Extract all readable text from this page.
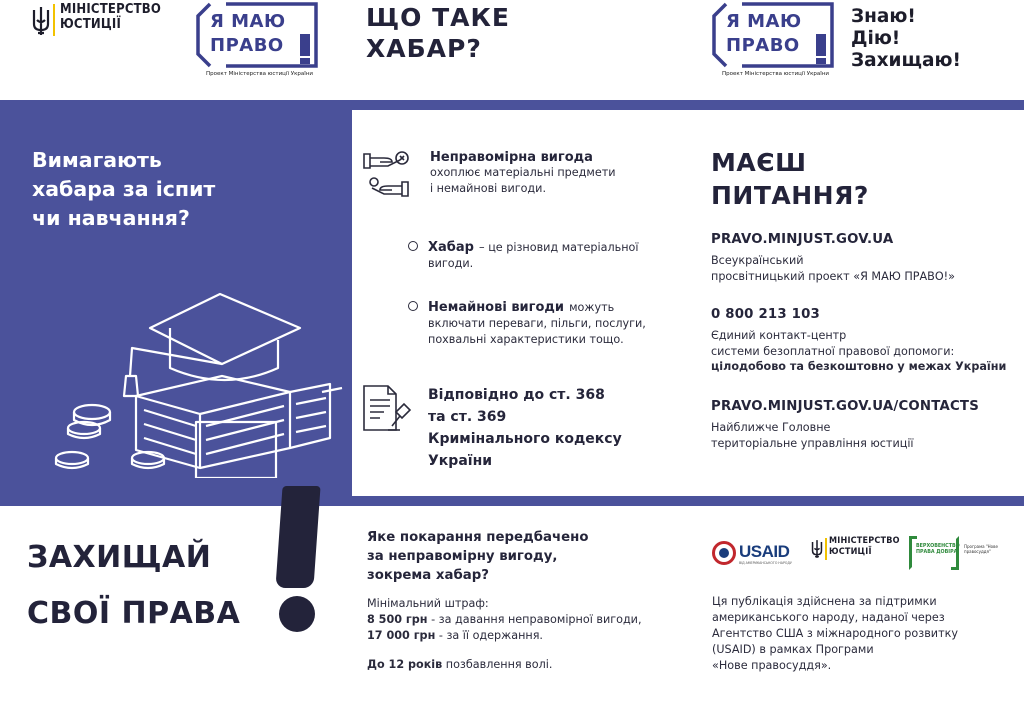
МІНІСТЕРСТВО
ЮСТИЦІЇ	Я МАЮ
ПРАВО
Проект Міністерства юстиції України
ЩО ТАКЕ
ХАБАР?
Я МАЮ
ПРАВО
Проект Міністерства юстиції України
Знаю!
Дію!
Захищаю!
Вимагають
хабара за іспит
чи навчання?
Неправомірна вигода
охоплює матеріальні предмети
і немайнові вигоди.
Хабар – це різновид матеріальної
вигоди.
Немайнові вигоди можуть
включати переваги, пільги, послуги,
похвальні характеристики тощо.
Відповідно до ст. 368
та ст. 369
Кримінального кодексу
України
МАЄШ
ПИТАННЯ?
PRAVO.MINJUST.GOV.UA
Всеукраїнський
просвітницький проект «Я МАЮ ПРАВО!»
0 800 213 103
Єдиний контакт-центр
системи безоплатної правової допомоги:
цілодобово та безкоштовно у межах України
PRAVO.MINJUST.GOV.UA/CONTACTS
Найближче Головне
територіальне управління юстиції
ЗАХИЩАЙ
СВОЇ ПРАВА
Яке покарання передбачено
за неправомірну вигоду,
зокрема хабар?
Мінімальний штраф:
8 500 грн - за давання неправомірної вигоди,
17 000 грн - за її одержання.
До 12 років позбавлення волі.
USAID
ВІД АМЕРИКАНСЬКОГО НАРОДУ
МІНІСТЕРСТВО
ЮСТИЦІЇ
ВЕРХОВЕНСТВО ПРАВА ДОВІРА
Програма "Нове правосуддя"
Ця публікація здійснена за підтримки
американського народу, наданої через
Агентство США з міжнародного розвитку
(USAID) в рамках Програми
«Нове правосуддя».
